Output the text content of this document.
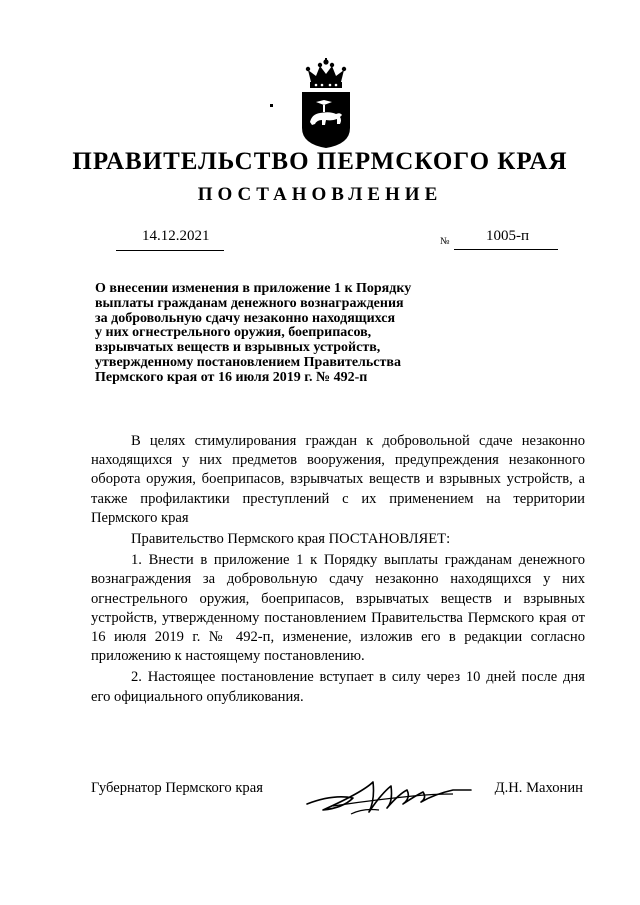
ПРАВИТЕЛЬСТВО ПЕРМСКОГО КРАЯ
ПОСТАНОВЛЕНИЕ
14.12.2021	№ 1005-п
О внесении изменения в приложение 1 к Порядку
выплаты гражданам денежного вознаграждения
за добровольную сдачу незаконно находящихся
у них огнестрельного оружия, боеприпасов,
взрывчатых веществ и взрывных устройств,
утвержденному постановлением Правительства
Пермского края от 16 июля 2019 г. № 492-п

В целях стимулирования граждан к добровольной сдаче незаконно находящихся у них предметов вооружения, предупреждения незаконного оборота оружия, боеприпасов, взрывчатых веществ и взрывных устройств, а также профилактики преступлений с их применением на территории Пермского края

Правительство Пермского края ПОСТАНОВЛЯЕТ:

1. Внести в приложение 1 к Порядку выплаты гражданам денежного вознаграждения за добровольную сдачу незаконно находящихся у них огнестрельного оружия, боеприпасов, взрывчатых веществ и взрывных устройств, утвержденному постановлением Правительства Пермского края от 16 июля 2019 г. № 492-п, изменение, изложив его в редакции согласно приложению к настоящему постановлению.

2. Настоящее постановление вступает в силу через 10 дней после дня его официального опубликования.

Губернатор Пермского края	Д.Н. Махонин
